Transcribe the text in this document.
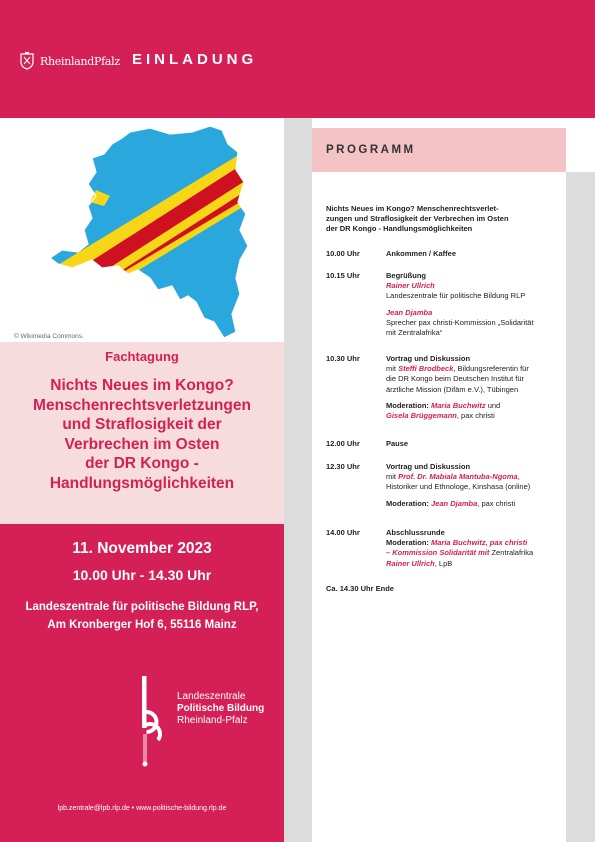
RheinlandPfalz EINLADUNG
© Wikimedia Commons.
Fachtagung
Nichts Neues im Kongo?
Menschenrechtsverletzungen
und Straflosigkeit der
Verbrechen im Osten
der DR Kongo -
Handlungsmöglichkeiten
11. November 2023
10.00 Uhr - 14.30 Uhr
Landeszentrale für politische Bildung RLP,
Am Kronberger Hof 6, 55116 Mainz
Landeszentrale
Politische Bildung
Rheinland-Pfalz
lpb.zentrale@lpb.rlp.de • www.politische-bildung.rlp.de
PROGRAMM
Nichts Neues im Kongo? Menschenrechtsverlet-
zungen und Straflosigkeit der Verbrechen im Osten
der DR Kongo - Handlungsmöglichkeiten
10.00 Uhr	Ankommen / Kaffee
10.15 Uhr	Begrüßung
Rainer Ullrich
Landeszentrale für politische Bildung RLP
Jean Djamba
Sprecher pax christi-Kommission „Solidarität
mit Zentralafrika“
10.30 Uhr	Vortrag und Diskussion
mit Steffi Brodbeck, Bildungsreferentin für
die DR Kongo beim Deutschen Institut für
ärztliche Mission (Difäm e.V.), Tübingen
Moderation: Maria Buchwitz und
Gisela Brüggemann, pax christi
12.00 Uhr	Pause
12.30 Uhr	Vortrag und Diskussion
mit Prof. Dr. Mabiala Mantuba-Ngoma,
Historiker und Ethnologe, Kinshasa (online)
Moderation: Jean Djamba, pax christi
14.00 Uhr	Abschlussrunde
Moderation: Maria Buchwitz, pax christi
– Kommission Solidarität mit Zentralafrika
Rainer Ullrich, LpB
Ca. 14.30 Uhr Ende
